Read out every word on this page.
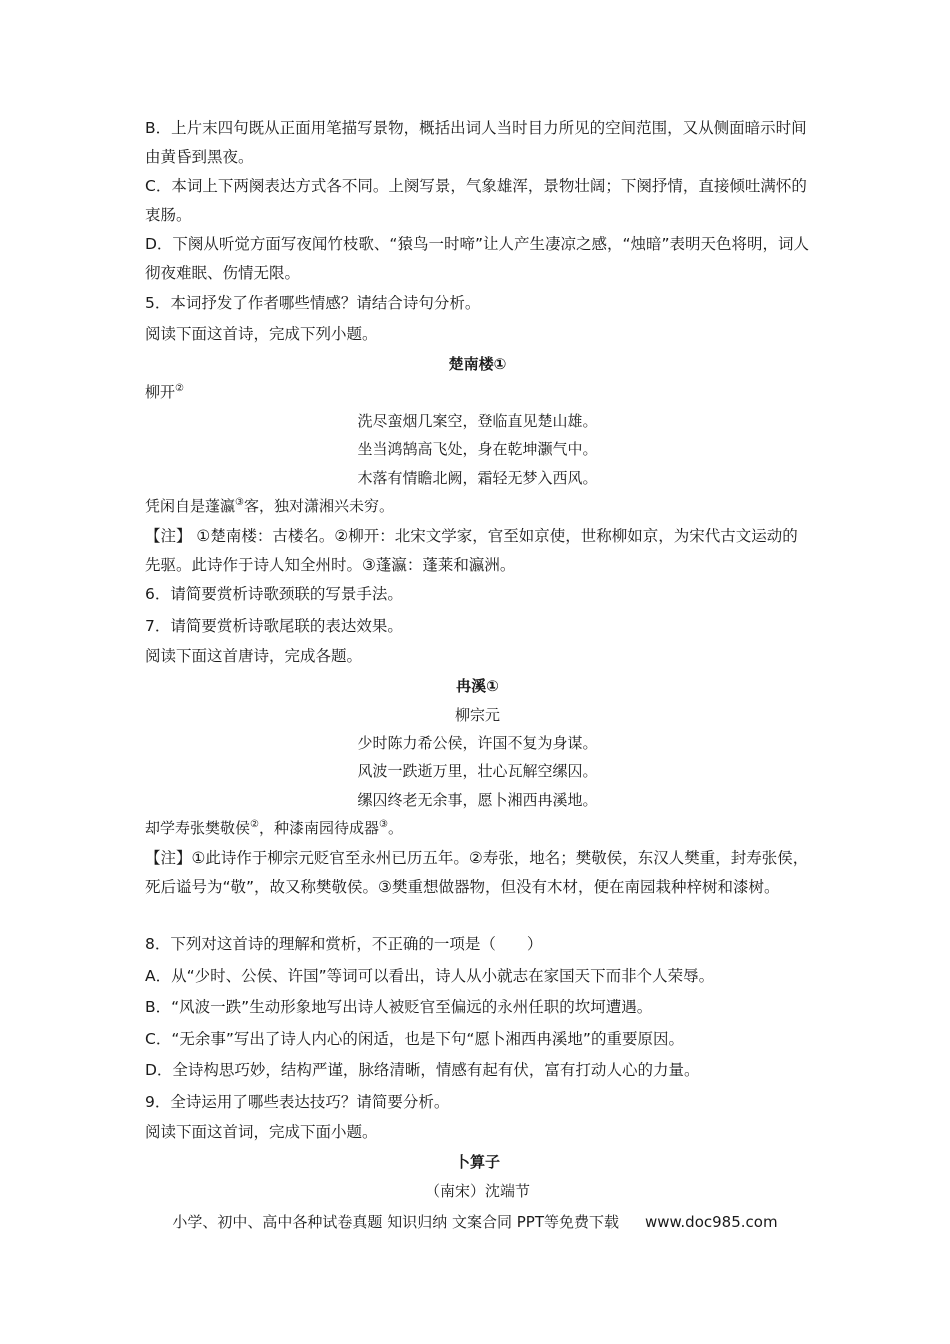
B．上片末四句既从正面用笔描写景物，概括出词人当时目力所见的空间范围，又从侧面暗示时间由黄昏到黑夜。

C．本词上下两阕表达方式各不同。上阕写景，气象雄浑，景物壮阔；下阕抒情，直接倾吐满怀的衷肠。

D．下阕从听觉方面写夜闻竹枝歌、“猿鸟一时啼”让人产生凄凉之感，“烛暗”表明天色将明，词人彻夜难眠、伤情无限。

5．本词抒发了作者哪些情感？请结合诗句分析。

阅读下面这首诗，完成下列小题。

楚南楼①

柳开②

洗尽蛮烟几案空，登临直见楚山雄。

坐当鸿鹄高飞处，身在乾坤灏气中。

木落有情瞻北阙，霜轻无梦入西风。

凭闲自是蓬瀛③客，独对潇湘兴未穷。

【注】 ①楚南楼：古楼名。②柳开：北宋文学家，官至如京使，世称柳如京，为宋代古文运动的先驱。此诗作于诗人知全州时。③蓬瀛：蓬莱和瀛洲。

6．请简要赏析诗歌颈联的写景手法。

7．请简要赏析诗歌尾联的表达效果。

阅读下面这首唐诗，完成各题。

冉溪①

柳宗元

少时陈力希公侯，许国不复为身谋。

风波一跌逝万里，壮心瓦解空缧囚。

缧囚终老无余事，愿卜湘西冉溪地。

却学寿张樊敬侯②，种漆南园待成器③。

【注】①此诗作于柳宗元贬官至永州已历五年。②寿张，地名；樊敬侯，东汉人樊重，封寿张侯，死后谥号为“敬”，故又称樊敬侯。③樊重想做器物，但没有木材，便在南园栽种梓树和漆树。

8．下列对这首诗的理解和赏析，不正确的一项是（　　）

A．从“少时、公侯、许国”等词可以看出，诗人从小就志在家国天下而非个人荣辱。

B．“风波一跌”生动形象地写出诗人被贬官至偏远的永州任职的坎坷遭遇。

C．“无余事”写出了诗人内心的闲适，也是下句“愿卜湘西冉溪地”的重要原因。

D．全诗构思巧妙，结构严谨，脉络清晰，情感有起有伏，富有打动人心的力量。

9．全诗运用了哪些表达技巧？请简要分析。

阅读下面这首词，完成下面小题。

卜算子

（南宋）沈端节

小学、初中、高中各种试卷真题 知识归纳 文案合同 PPT等免费下载 www.doc985.com
